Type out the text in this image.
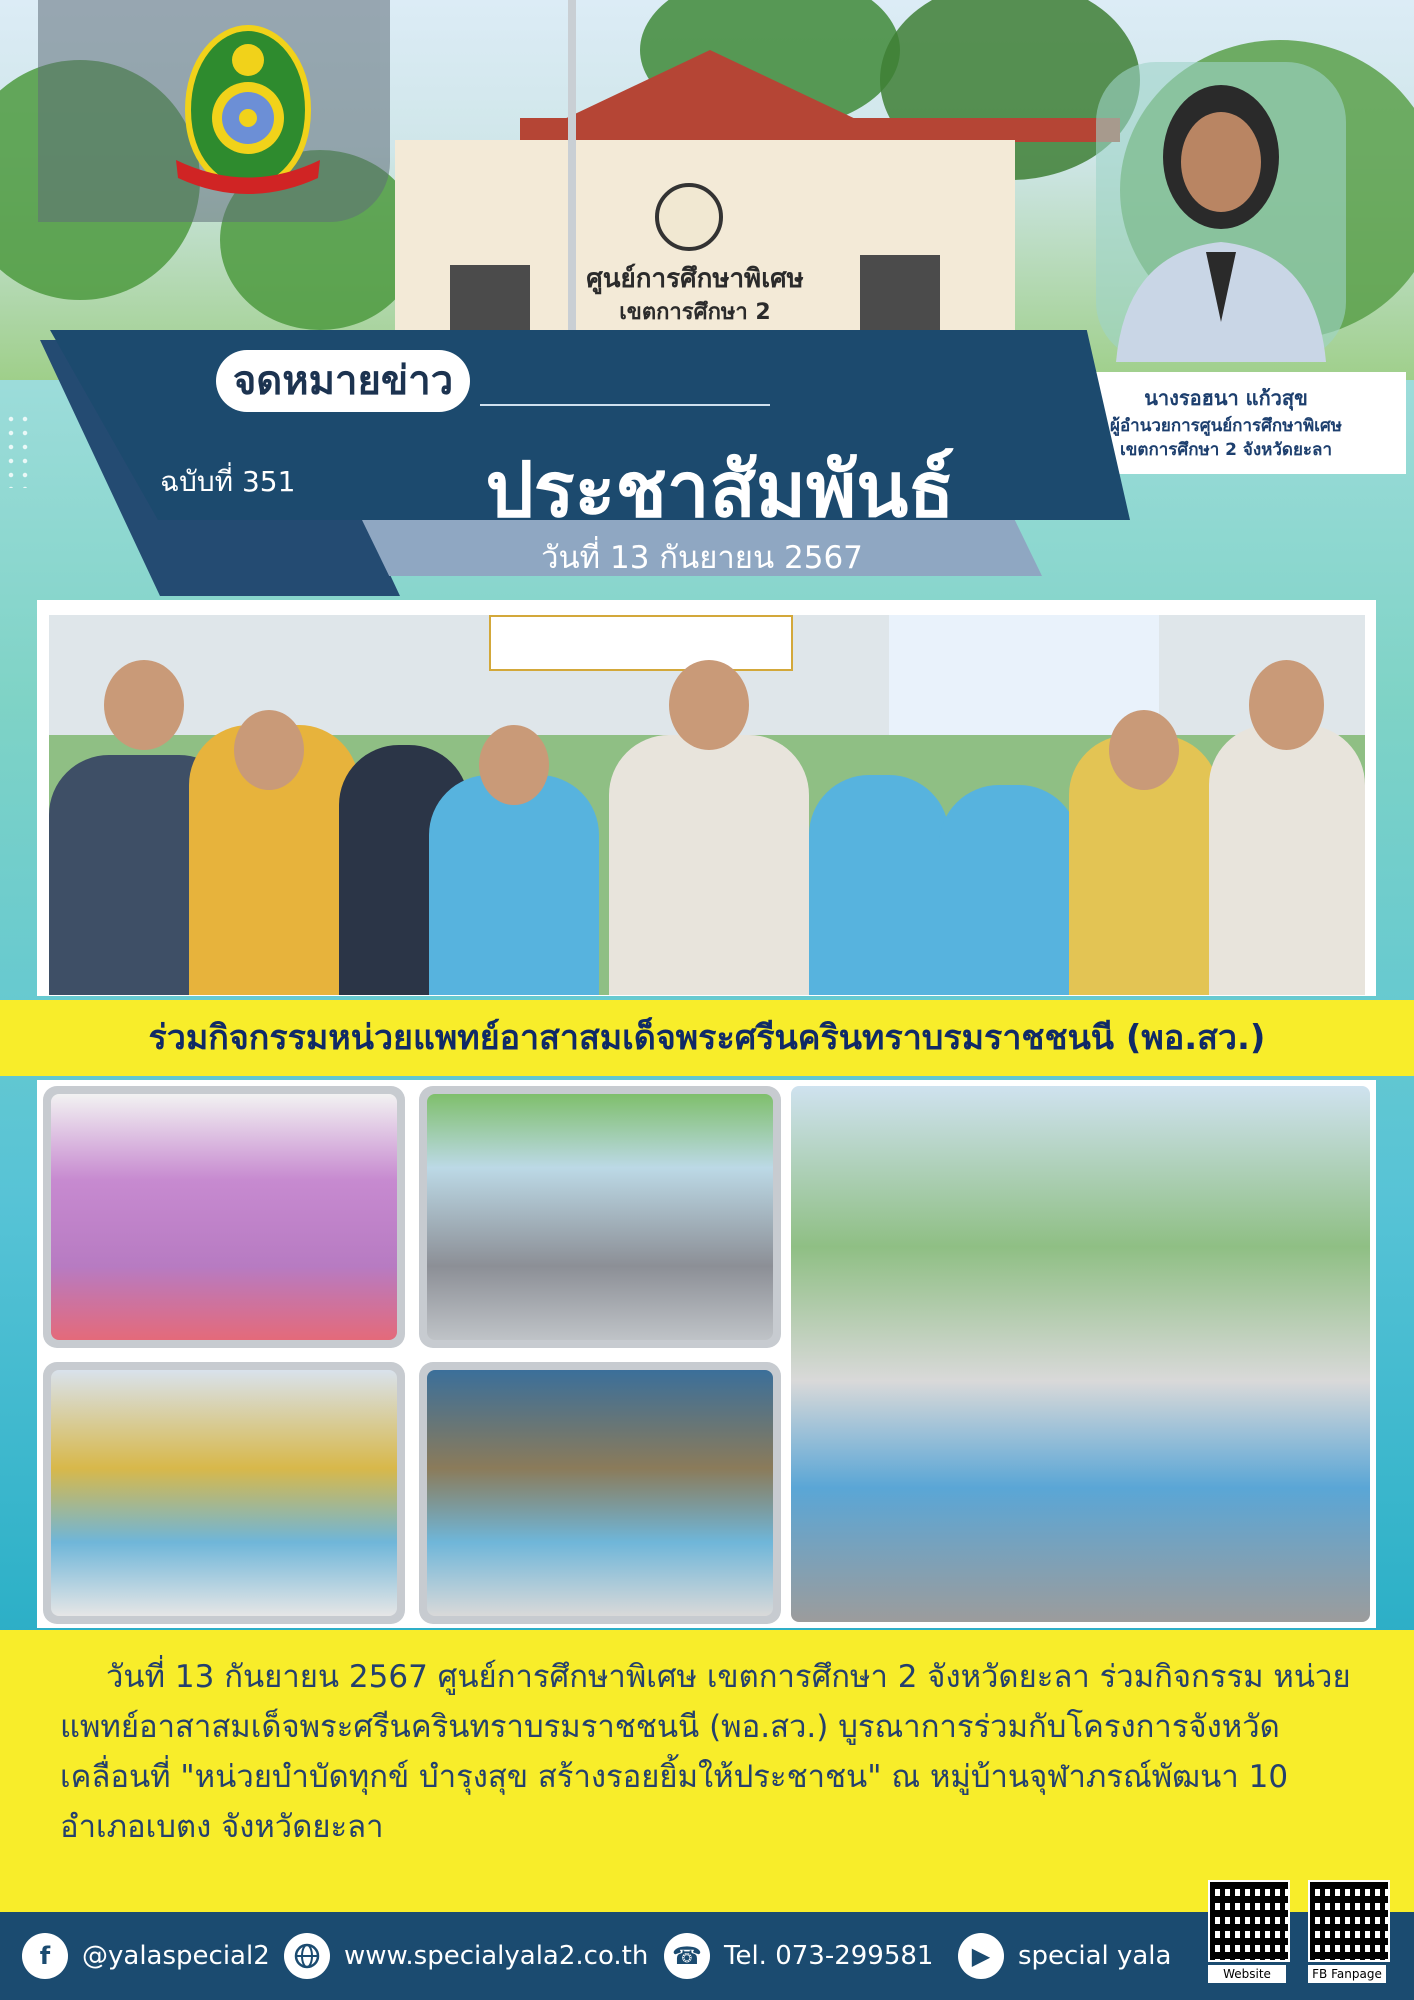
ศูนย์การศึกษาพิเศษ
เขตการศึกษา 2
นางรอฮนา แก้วสุข
ผู้อำนวยการศูนย์การศึกษาพิเศษ
เขตการศึกษา 2 จังหวัดยะลา
จดหมายข่าว
ฉบับที่ 351	ประชาสัมพันธ์
วันที่ 13 กันยายน 2567
ร่วมกิจกรรมหน่วยแพทย์อาสาสมเด็จพระศรีนครินทราบรมราชชนนี (พอ.สว.)
วันที่ 13 กันยายน 2567 ศูนย์การศึกษาพิเศษ เขตการศึกษา 2 จังหวัดยะลา ร่วมกิจกรรม หน่วยแพทย์อาสาสมเด็จพระศรีนครินทราบรมราชชนนี (พอ.สว.) บูรณาการร่วมกับโครงการจังหวัดเคลื่อนที่ "หน่วยบำบัดทุกข์ บำรุงสุข สร้างรอยยิ้มให้ประชาชน" ณ หมู่บ้านจุฬาภรณ์พัฒนา 10 อำเภอเบตง จังหวัดยะลา
f	@yalaspecial2	www.specialyala2.co.th ☎ Tel. 073-299581	▶	special yala
Website	FB Fanpage
